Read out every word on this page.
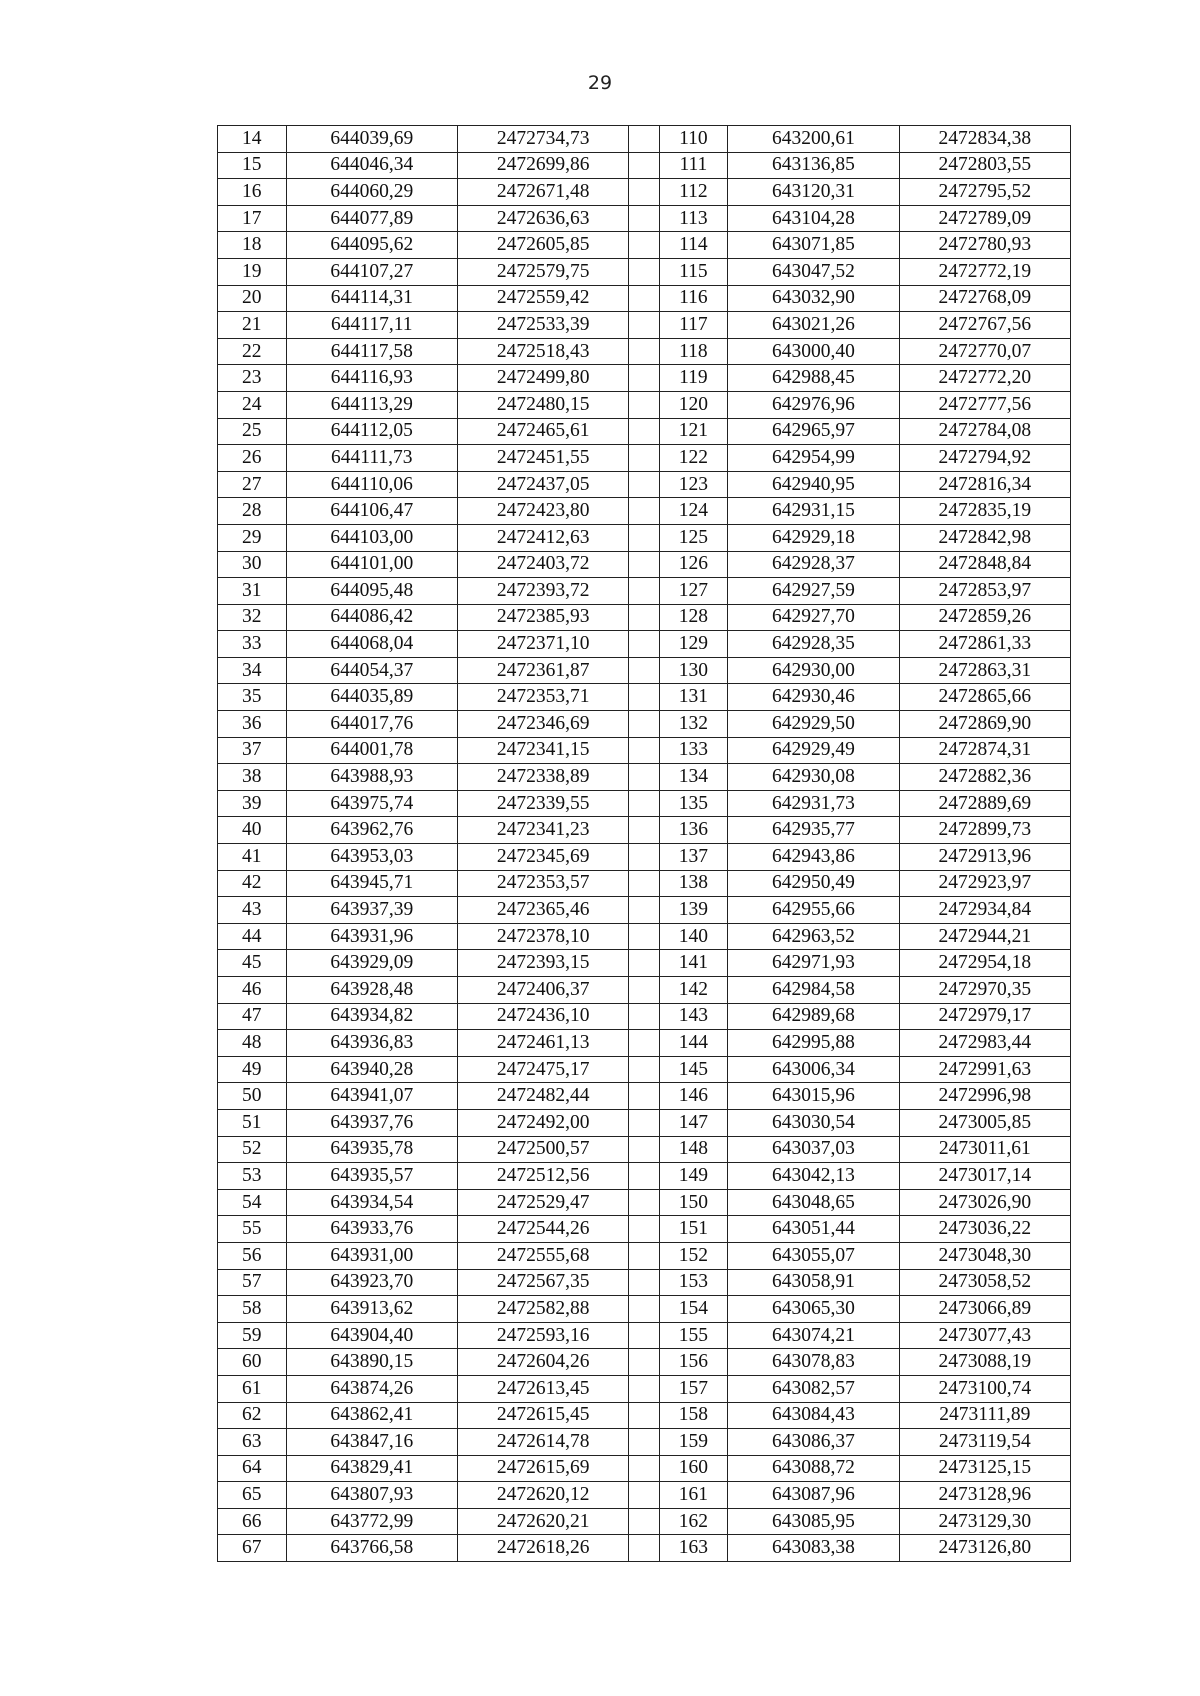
29
14	644039,69	2472734,73		110	643200,61	2472834,38
15	644046,34	2472699,86		111	643136,85	2472803,55
16	644060,29	2472671,48		112	643120,31	2472795,52
17	644077,89	2472636,63		113	643104,28	2472789,09
18	644095,62	2472605,85		114	643071,85	2472780,93
19	644107,27	2472579,75		115	643047,52	2472772,19
20	644114,31	2472559,42		116	643032,90	2472768,09
21	644117,11	2472533,39		117	643021,26	2472767,56
22	644117,58	2472518,43		118	643000,40	2472770,07
23	644116,93	2472499,80		119	642988,45	2472772,20
24	644113,29	2472480,15		120	642976,96	2472777,56
25	644112,05	2472465,61		121	642965,97	2472784,08
26	644111,73	2472451,55		122	642954,99	2472794,92
27	644110,06	2472437,05		123	642940,95	2472816,34
28	644106,47	2472423,80		124	642931,15	2472835,19
29	644103,00	2472412,63		125	642929,18	2472842,98
30	644101,00	2472403,72		126	642928,37	2472848,84
31	644095,48	2472393,72		127	642927,59	2472853,97
32	644086,42	2472385,93		128	642927,70	2472859,26
33	644068,04	2472371,10		129	642928,35	2472861,33
34	644054,37	2472361,87		130	642930,00	2472863,31
35	644035,89	2472353,71		131	642930,46	2472865,66
36	644017,76	2472346,69		132	642929,50	2472869,90
37	644001,78	2472341,15		133	642929,49	2472874,31
38	643988,93	2472338,89		134	642930,08	2472882,36
39	643975,74	2472339,55		135	642931,73	2472889,69
40	643962,76	2472341,23		136	642935,77	2472899,73
41	643953,03	2472345,69		137	642943,86	2472913,96
42	643945,71	2472353,57		138	642950,49	2472923,97
43	643937,39	2472365,46		139	642955,66	2472934,84
44	643931,96	2472378,10		140	642963,52	2472944,21
45	643929,09	2472393,15		141	642971,93	2472954,18
46	643928,48	2472406,37		142	642984,58	2472970,35
47	643934,82	2472436,10		143	642989,68	2472979,17
48	643936,83	2472461,13		144	642995,88	2472983,44
49	643940,28	2472475,17		145	643006,34	2472991,63
50	643941,07	2472482,44		146	643015,96	2472996,98
51	643937,76	2472492,00		147	643030,54	2473005,85
52	643935,78	2472500,57		148	643037,03	2473011,61
53	643935,57	2472512,56		149	643042,13	2473017,14
54	643934,54	2472529,47		150	643048,65	2473026,90
55	643933,76	2472544,26		151	643051,44	2473036,22
56	643931,00	2472555,68		152	643055,07	2473048,30
57	643923,70	2472567,35		153	643058,91	2473058,52
58	643913,62	2472582,88		154	643065,30	2473066,89
59	643904,40	2472593,16		155	643074,21	2473077,43
60	643890,15	2472604,26		156	643078,83	2473088,19
61	643874,26	2472613,45		157	643082,57	2473100,74
62	643862,41	2472615,45		158	643084,43	2473111,89
63	643847,16	2472614,78		159	643086,37	2473119,54
64	643829,41	2472615,69		160	643088,72	2473125,15
65	643807,93	2472620,12		161	643087,96	2473128,96
66	643772,99	2472620,21		162	643085,95	2473129,30
67	643766,58	2472618,26		163	643083,38	2473126,80
